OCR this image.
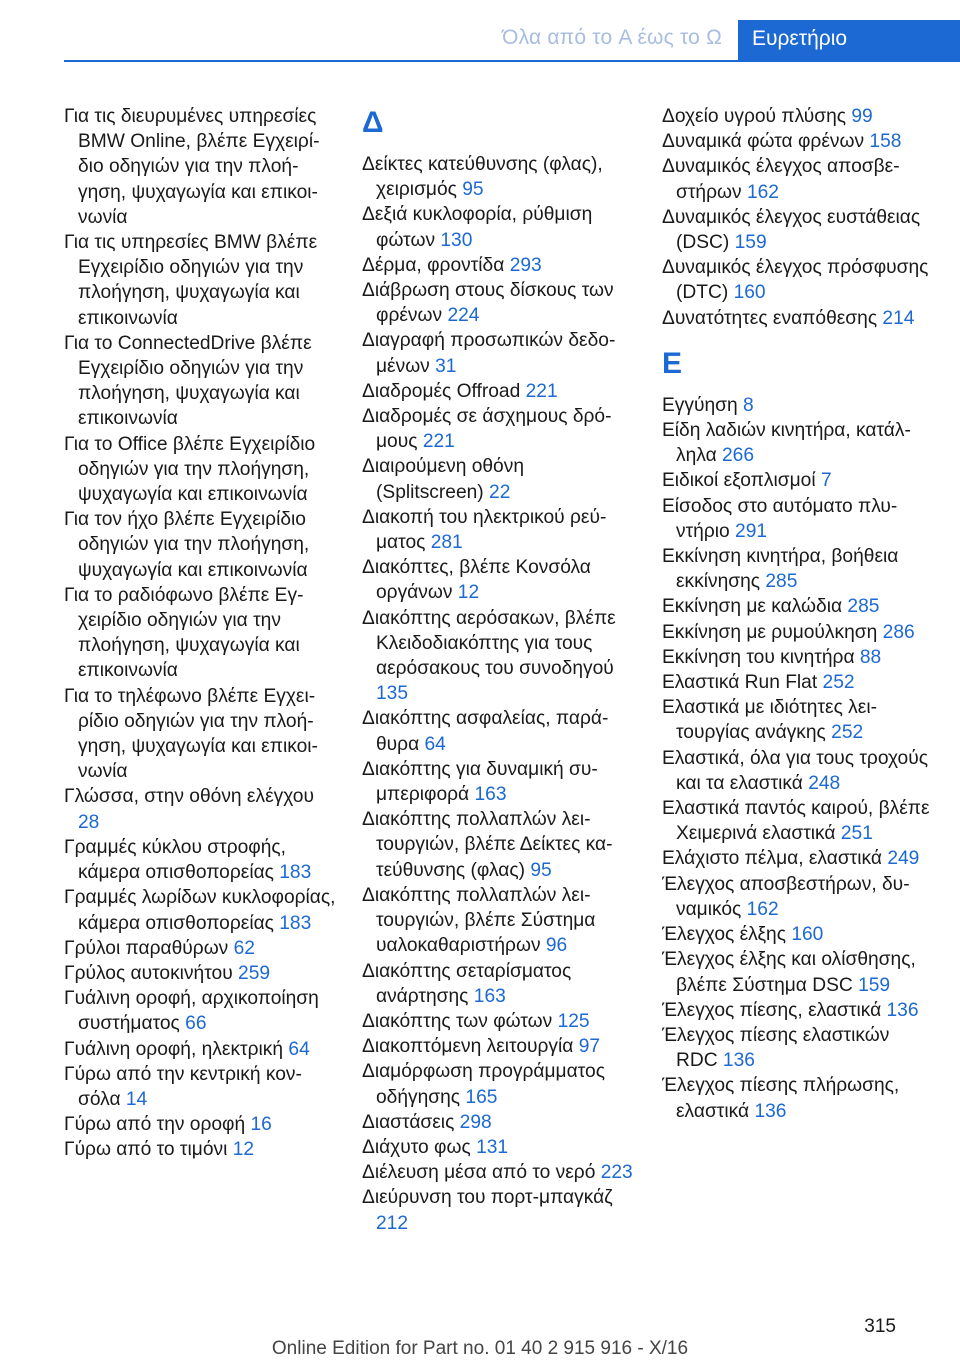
Όλα από το A έως το Ω	Ευρετήριο
Για τις διευρυμένες υπηρεσίες BMW Online, βλέπε Εγχειρίδιο οδηγιών για την πλοήγηση, ψυχαγωγία και επικοινωνία
Για τις υπηρεσίες BMW βλέπε Εγχειρίδιο οδηγιών για την πλοήγηση, ψυχαγωγία και επικοινωνία
Για το ConnectedDrive βλέπε Εγχειρίδιο οδηγιών για την πλοήγηση, ψυχαγωγία και επικοινωνία
Για το Office βλέπε Εγχειρίδιο οδηγιών για την πλοήγηση, ψυχαγωγία και επικοινωνία
Για τον ήχο βλέπε Εγχειρίδιο οδηγιών για την πλοήγηση, ψυχαγωγία και επικοινωνία
Για το ραδιόφωνο βλέπε Εγχειρίδιο οδηγιών για την πλοήγηση, ψυχαγωγία και επικοινωνία
Για το τηλέφωνο βλέπε Εγχειρίδιο οδηγιών για την πλοήγηση, ψυχαγωγία και επικοινωνία
Γλώσσα, στην οθόνη ελέγχου 28
Γραμμές κύκλου στροφής, κάμερα οπισθοπορείας 183
Γραμμές λωρίδων κυκλοφορίας, κάμερα οπισθοπορείας 183
Γρύλοι παραθύρων 62
Γρύλος αυτοκινήτου 259
Γυάλινη οροφή, αρχικοποίηση συστήματος 66
Γυάλινη οροφή, ηλεκτρική 64
Γύρω από την κεντρική κονσόλα 14
Γύρω από την οροφή 16
Γύρω από το τιμόνι 12
Δ
Δείκτες κατεύθυνσης (φλας), χειρισμός 95
Δεξιά κυκλοφορία, ρύθμιση φώτων 130
Δέρμα, φροντίδα 293
Διάβρωση στους δίσκους των φρένων 224
Διαγραφή προσωπικών δεδομένων 31
Διαδρομές Offroad 221
Διαδρομές σε άσχημους δρόμους 221
Διαιρούμενη οθόνη (Splitscreen) 22
Διακοπή του ηλεκτρικού ρεύματος 281
Διακόπτες, βλέπε Κονσόλα οργάνων 12
Διακόπτης αερόσακων, βλέπε Κλειδοδιακόπτης για τους αερόσακους του συνοδηγού 135
Διακόπτης ασφαλείας, παράθυρα 64
Διακόπτης για δυναμική συμπεριφορά 163
Διακόπτης πολλαπλών λειτουργιών, βλέπε Δείκτες κατεύθυνσης (φλας) 95
Διακόπτης πολλαπλών λειτουργιών, βλέπε Σύστημα υαλοκαθαριστήρων 96
Διακόπτης σεταρίσματος ανάρτησης 163
Διακόπτης των φώτων 125
Διακοπτόμενη λειτουργία 97
Διαμόρφωση προγράμματος οδήγησης 165
Διαστάσεις 298
Διάχυτο φως 131
Διέλευση μέσα από το νερό 223
Διεύρυνση του πορτ-μπαγκάζ 212
Δοχείο υγρού πλύσης 99
Δυναμικά φώτα φρένων 158
Δυναμικός έλεγχος αποσβεστήρων 162
Δυναμικός έλεγχος ευστάθειας (DSC) 159
Δυναμικός έλεγχος πρόσφυσης (DTC) 160
Δυνατότητες εναπόθεσης 214
Ε
Εγγύηση 8
Είδη λαδιών κινητήρα, κατάλληλα 266
Ειδικοί εξοπλισμοί 7
Είσοδος στο αυτόματο πλυντήριο 291
Εκκίνηση κινητήρα, βοήθεια εκκίνησης 285
Εκκίνηση με καλώδια 285
Εκκίνηση με ρυμούλκηση 286
Εκκίνηση του κινητήρα 88
Ελαστικά Run Flat 252
Ελαστικά με ιδιότητες λειτουργίας ανάγκης 252
Ελαστικά, όλα για τους τροχούς και τα ελαστικά 248
Ελαστικά παντός καιρού, βλέπε Χειμερινά ελαστικά 251
Ελάχιστο πέλμα, ελαστικά 249
Έλεγχος αποσβεστήρων, δυναμικός 162
Έλεγχος έλξης 160
Έλεγχος έλξης και ολίσθησης, βλέπε Σύστημα DSC 159
Έλεγχος πίεσης, ελαστικά 136
Έλεγχος πίεσης ελαστικών RDC 136
Έλεγχος πίεσης πλήρωσης, ελαστικά 136
315
Online Edition for Part no. 01 40 2 915 916 - X/16
